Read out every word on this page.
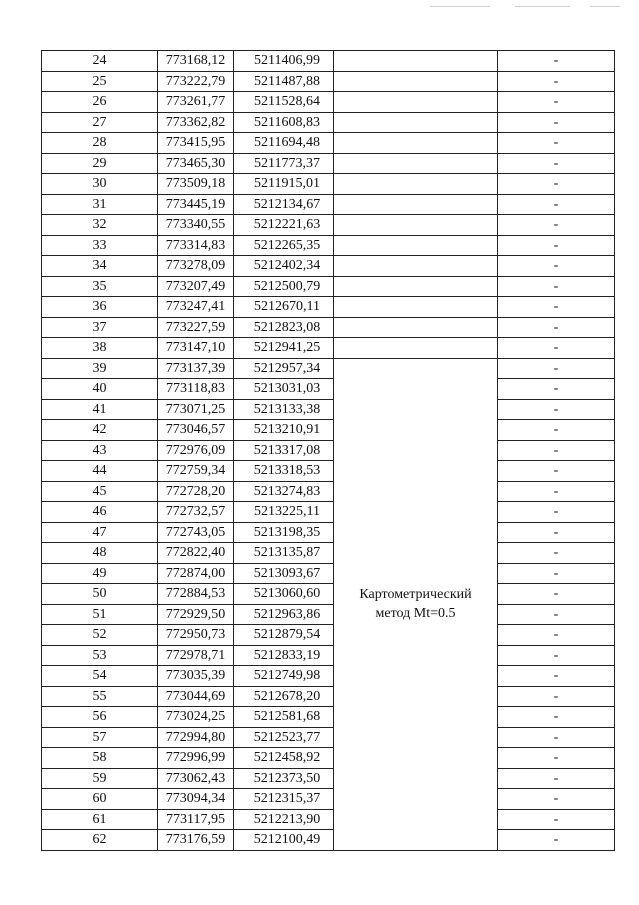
24	773168,12	5211406,99		-
25	773222,79	5211487,88		-
26	773261,77	5211528,64		-
27	773362,82	5211608,83		-
28	773415,95	5211694,48		-
29	773465,30	5211773,37		-
30	773509,18	5211915,01		-
31	773445,19	5212134,67		-
32	773340,55	5212221,63		-
33	773314,83	5212265,35		-
34	773278,09	5212402,34		-
35	773207,49	5212500,79		-
36	773247,41	5212670,11		-
37	773227,59	5212823,08		-
38	773147,10	5212941,25		-
39	773137,39	5212957,34	Картометрический
метод Mt=0.5	-
40	773118,83	5213031,03		-
41	773071,25	5213133,38		-
42	773046,57	5213210,91		-
43	772976,09	5213317,08		-
44	772759,34	5213318,53		-
45	772728,20	5213274,83		-
46	772732,57	5213225,11		-
47	772743,05	5213198,35		-
48	772822,40	5213135,87		-
49	772874,00	5213093,67		-
50	772884,53	5213060,60		-
51	772929,50	5212963,86		-
52	772950,73	5212879,54		-
53	772978,71	5212833,19		-
54	773035,39	5212749,98		-
55	773044,69	5212678,20		-
56	773024,25	5212581,68		-
57	772994,80	5212523,77		-
58	772996,99	5212458,92		-
59	773062,43	5212373,50		-
60	773094,34	5212315,37		-
61	773117,95	5212213,90		-
62	773176,59	5212100,49		-
